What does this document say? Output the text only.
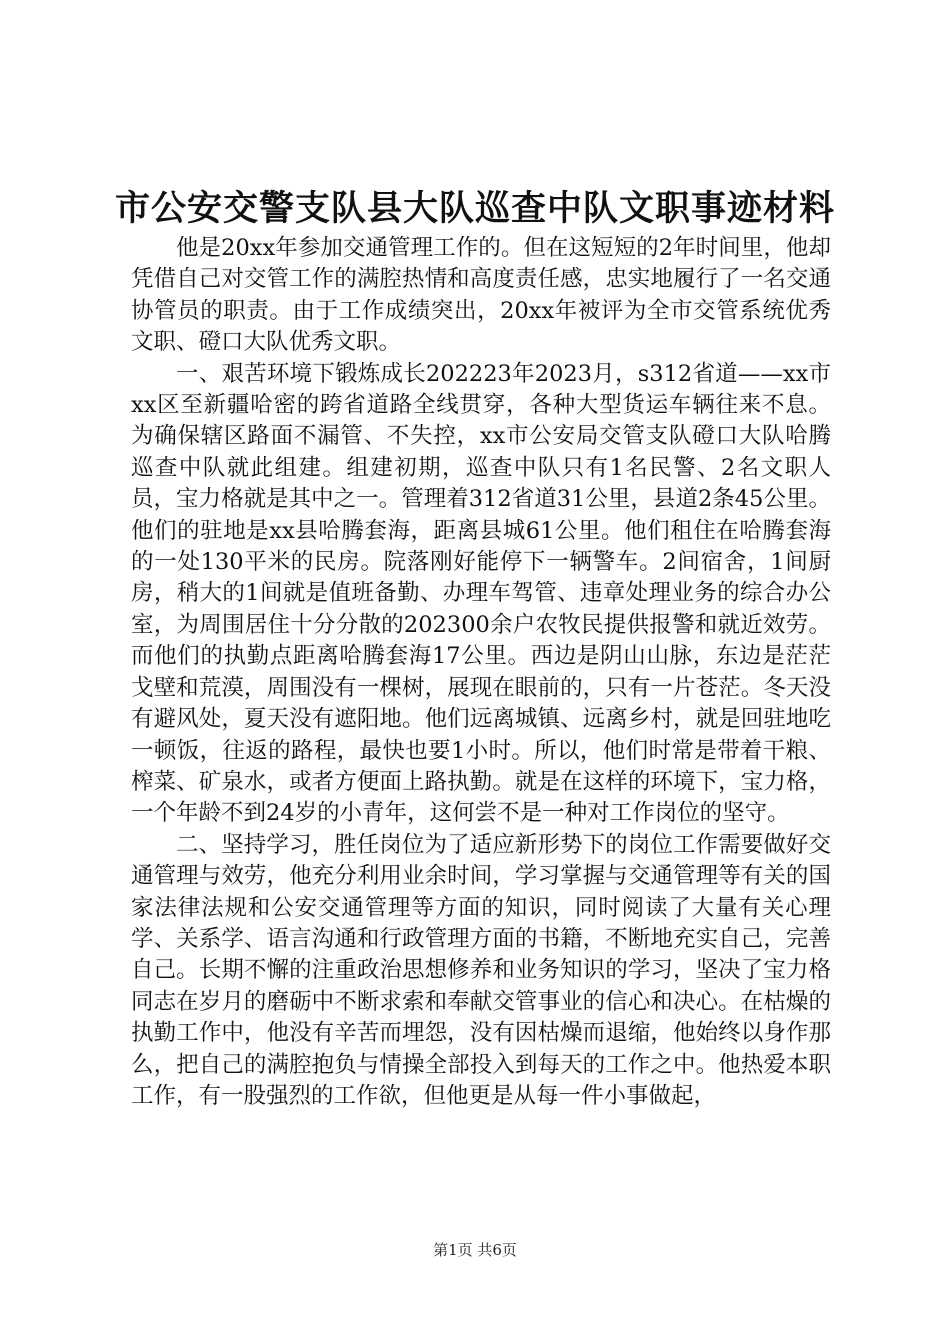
市公安交警支队县大队巡查中队文职事迹材料

他是20xx年参加交通管理工作的。但在这短短的2年时间里，他却凭借自己对交管工作的满腔热情和高度责任感，忠实地履行了一名交通协管员的职责。由于工作成绩突出，20xx年被评为全市交管系统优秀文职、磴口大队优秀文职。

一、艰苦环境下锻炼成长202223年2023月，s312省道——xx市xx区至新疆哈密的跨省道路全线贯穿，各种大型货运车辆往来不息。为确保辖区路面不漏管、不失控，xx市公安局交管支队磴口大队哈腾巡查中队就此组建。组建初期，巡查中队只有1名民警、2名文职人员，宝力格就是其中之一。管理着312省道31公里，县道2条45公里。他们的驻地是xx县哈腾套海，距离县城61公里。他们租住在哈腾套海的一处130平米的民房。院落刚好能停下一辆警车。2间宿舍，1间厨房，稍大的1间就是值班备勤、办理车驾管、违章处理业务的综合办公室，为周围居住十分分散的202300余户农牧民提供报警和就近效劳。而他们的执勤点距离哈腾套海17公里。西边是阴山山脉，东边是茫茫戈壁和荒漠，周围没有一棵树，展现在眼前的，只有一片苍茫。冬天没有避风处，夏天没有遮阳地。他们远离城镇、远离乡村，就是回驻地吃一顿饭，往返的路程，最快也要1小时。所以，他们时常是带着干粮、榨菜、矿泉水，或者方便面上路执勤。就是在这样的环境下，宝力格，一个年龄不到24岁的小青年，这何尝不是一种对工作岗位的坚守。

二、坚持学习，胜任岗位为了适应新形势下的岗位工作需要做好交通管理与效劳，他充分利用业余时间，学习掌握与交通管理等有关的国家法律法规和公安交通管理等方面的知识，同时阅读了大量有关心理学、关系学、语言沟通和行政管理方面的书籍，不断地充实自己，完善自己。长期不懈的注重政治思想修养和业务知识的学习，坚决了宝力格同志在岁月的磨砺中不断求索和奉献交管事业的信心和决心。在枯燥的执勤工作中，他没有辛苦而埋怨，没有因枯燥而退缩，他始终以身作那么，把自己的满腔抱负与情操全部投入到每天的工作之中。他热爱本职工作，有一股强烈的工作欲，但他更是从每一件小事做起，

第1页 共6页
